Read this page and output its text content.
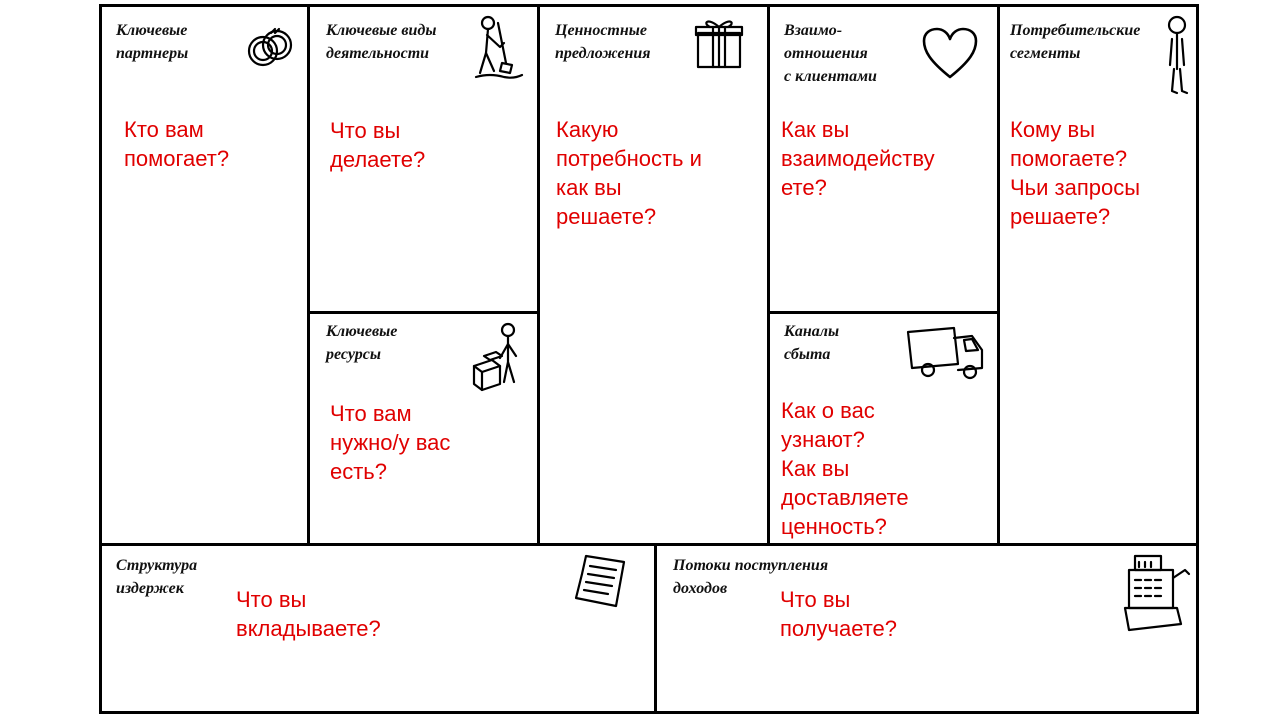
Ключевые
партнеры

Кто вам
помогает?

Ключевые виды
деятельности

Что вы
делаете?

Ключевые
ресурсы

Что вам
нужно/у вас
есть?

Ценностные
предложения

Какую
потребность и
как вы
решаете?

Взаимо-
отношения
с клиентами

Как вы
взаимодейству
ете?

Каналы
сбыта

Как о вас
узнают?
Как вы
доставляете
ценность?

Потребительские
сегменты

Кому вы
помогаете?
Чьи запросы
решаете?

Структура
издержек	Что вы
вкладываете?

Потоки поступления
доходов	Что вы
получаете?
